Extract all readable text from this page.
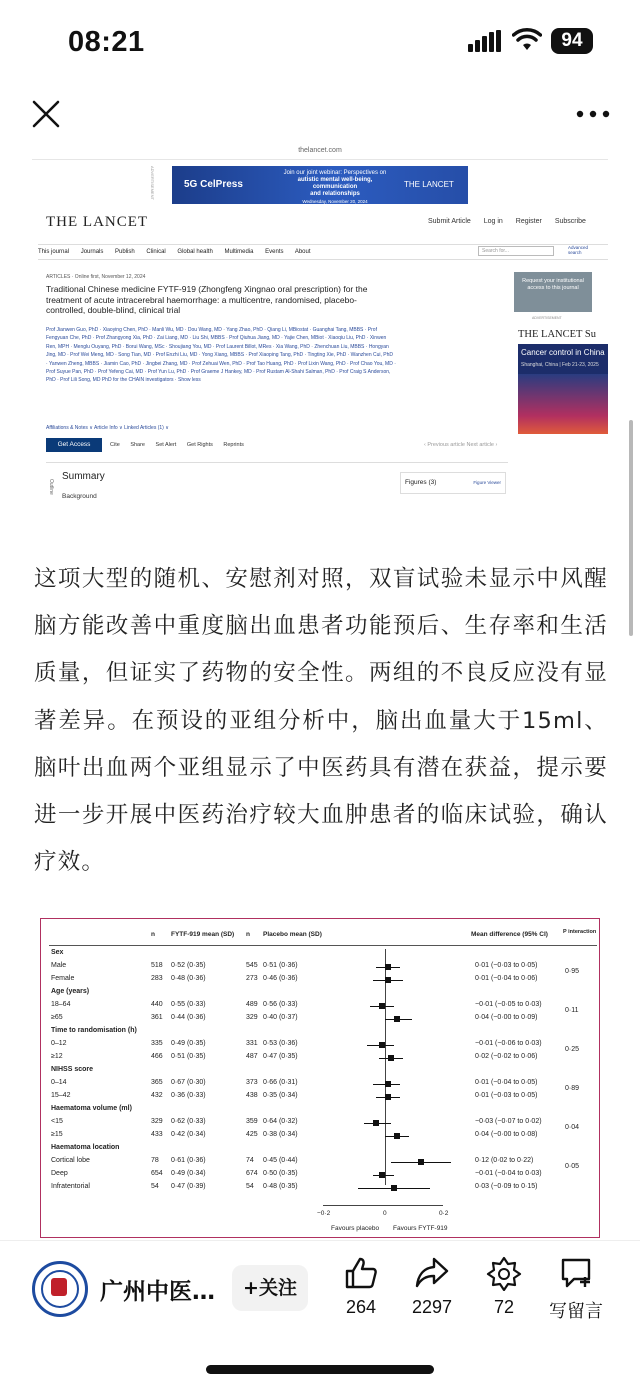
08:21	94
thelancet.com
ADVERTISEMENT	5G CelPress
Join our joint webinar: Perspectives on
autistic mental well-being, communication
and relationships
Wednesday, November 20, 2024
Register now
THE LANCET
THE LANCET	Submit Article Log in Register Subscribe
This journal Journals Publish Clinical Global health Multimedia Events About	Search for...
Advanced search
ARTICLES · Online first, November 12, 2024
Traditional Chinese medicine FYTF-919 (Zhongfeng Xingnao oral prescription) for the treatment of acute intracerebral haemorrhage: a multicentre, randomised, placebo-controlled, double-blind, clinical trial
Prof Jianwen Guo, PhD · Xiaoying Chen, PhD · Manli Wu, MD · Dou Wang, MD · Yang Zhao, PhD · Qiang Li, MBiostat · Guanghai Tang, MBBS · Prof Fengyuan Che, PhD · Prof Zhangyong Xia, PhD · Zai Liang, MD · Liu Shi, MBBS · Prof Qiuhua Jiang, MD · Yajie Chen, MBiot · Xiaoqiu Liu, PhD · Xinwen Ren, MPH · Menglu Ouyang, PhD · Borui Wang, MSc · Shoujiang You, MD · Prof Laurent Billot, MRes · Xia Wang, PhD · Zhenchuan Liu, MBBS · Hongyan Jing, MD · Prof Wei Meng, MD · Song Tian, MD · Prof Enzhi Liu, MD · Yong Xiang, MBBS · Prof Xiaoping Tang, PhD · Tingting Xie, PhD · Wanzhen Cui, PhD · Yanwen Zheng, MBBS · Jiamin Cao, PhD · Jingbei Zhang, MD · Prof Zehuai Wen, PhD · Prof Tao Huang, PhD · Prof Lixin Wang, PhD · Prof Chao You, MD · Prof Suyue Pan, PhD · Prof Yefeng Cai, MD · Prof Yun Lu, PhD · Prof Graeme J Hankey, MD · Prof Rustam Al-Shahi Salman, PhD · Prof Craig S Anderson, PhD · Prof Lili Song, MD PhD for the CHAIN investigators · Show less
Affiliations & Notes ∨ Article Info ∨ Linked Articles (1) ∨
Get Access	Cite Share Set Alert Get Rights Reprints	‹ Previous article Next article ›
Outline
Summary
Background
Figures (3)	Figure Viewer
Request your institutional access to this journal
ADVERTISEMENT
THE LANCET Su
Cancer control in China
Shanghai, China | Feb 21-23, 2025
这项大型的随机、安慰剂对照，双盲试验未显示中风醒脑方能改善中重度脑出血患者功能预后、生存率和生活质量，但证实了药物的安全性。两组的不良反应没有显著差异。在预设的亚组分析中，脑出血量大于15ml、脑叶出血两个亚组显示了中医药具有潜在获益，提示要进一步开展中医药治疗较大血肿患者的临床试验，确认疗效。
n FYTF-919 mean (SD) n Placebo mean (SD)	Mean difference (95% CI)	P interaction
Sex
Male	518 0·52 (0·35)	545 0·51 (0·36)	0·01 (−0·03 to 0·05)
0·95
Female	283 0·48 (0·36)	273 0·46 (0·36)	0·01 (−0·04 to 0·06)
Age (years)
18–64	440 0·55 (0·33)	489 0·56 (0·33)	−0·01 (−0·05 to 0·03)
0·11
≥65	361 0·44 (0·36)	329 0·40 (0·37)	0·04 (−0·00 to 0·09)
Time to randomisation (h)
0–12	335 0·49 (0·35)	331 0·53 (0·36)	−0·01 (−0·06 to 0·03)
0·25
≥12	466 0·51 (0·35)	487 0·47 (0·35)	0·02 (−0·02 to 0·06)
NIHSS score
0–14	365 0·67 (0·30)	373 0·66 (0·31)	0·01 (−0·04 to 0·05)
0·89
15–42	432 0·36 (0·33)	438 0·35 (0·34)	0·01 (−0·03 to 0·05)
Haematoma volume (ml)
<15	329 0·62 (0·33)	359 0·64 (0·32)	−0·03 (−0·07 to 0·02)
0·04
≥15	433 0·42 (0·34)	425 0·38 (0·34)	0·04 (−0·00 to 0·08)
Haematoma location
Cortical lobe	78 0·61 (0·36)	74 0·45 (0·44)	0·12 (0·02 to 0·22)
0·05
Deep	654 0·49 (0·34)	674 0·50 (0·35)	−0·01 (−0·04 to 0·03)
Infratentorial	54 0·47 (0·39)	54 0·48 (0·35)	0·03 (−0·09 to 0·15)
−0·2	0	0·2
Favours placebo Favours FYTF-919
广州中医…	+关注
264	2297	72	写留言
